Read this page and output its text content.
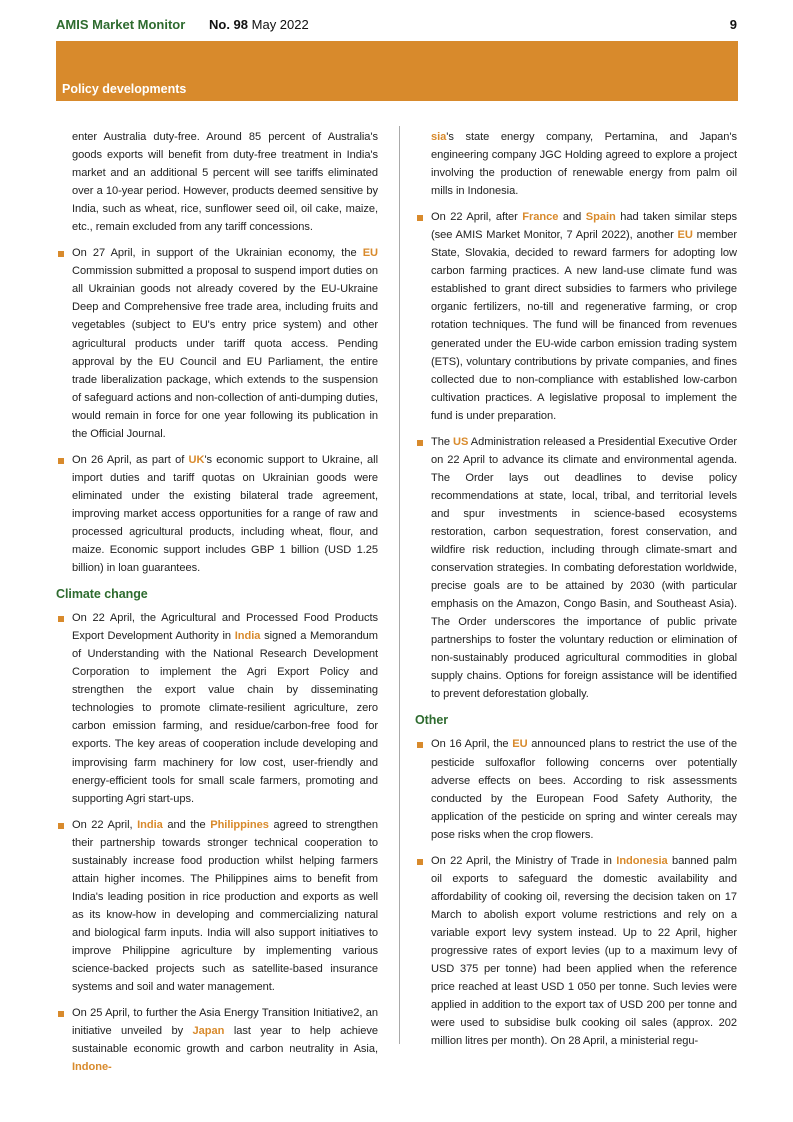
AMIS Market Monitor No. 98 May 2022	9
Policy developments

enter Australia duty-free. Around 85 percent of Australia's goods exports will benefit from duty-free treatment in India's market and an additional 5 percent will see tariffs eliminated over a 10-year period. However, products deemed sensitive by India, such as wheat, rice, sunflower seed oil, oil cake, maize, etc., remain excluded from any tariff concessions.

On 27 April, in support of the Ukrainian economy, the EU Commission submitted a proposal to suspend import duties on all Ukrainian goods not already covered by the EU-Ukraine Deep and Comprehensive free trade area, including fruits and vegetables (subject to EU's entry price system) and other agricultural products under tariff quota access. Pending approval by the EU Council and EU Parliament, the entire trade liberalization package, which extends to the suspension of safeguard actions and non-collection of anti-dumping duties, would remain in force for one year following its publication in the Official Journal.

On 26 April, as part of UK's economic support to Ukraine, all import duties and tariff quotas on Ukrainian goods were eliminated under the existing bilateral trade agreement, improving market access opportunities for a range of raw and processed agricultural products, including wheat, flour, and maize. Economic support includes GBP 1 billion (USD 1.25 billion) in loan guarantees.

Climate change

On 22 April, the Agricultural and Processed Food Products Export Development Authority in India signed a Memorandum of Understanding with the National Research Development Corporation to implement the Agri Export Policy and strengthen the export value chain by disseminating technologies to promote climate-resilient agriculture, zero carbon emission farming, and residue/carbon-free food for exports. The key areas of cooperation include developing and improvising farm machinery for low cost, user-friendly and energy-efficient tools for small scale farmers, promoting and supporting Agri start-ups.

On 22 April, India and the Philippines agreed to strengthen their partnership towards stronger technical cooperation to sustainably increase food production whilst helping farmers attain higher incomes. The Philippines aims to benefit from India's leading position in rice production and exports as well as its know-how in developing and commercializing natural and biological farm inputs. India will also support initiatives to improve Philippine agriculture by implementing various science-backed projects such as satellite-based insurance systems and soil and water management.

On 25 April, to further the Asia Energy Transition Initiative2, an initiative unveiled by Japan last year to help achieve sustainable economic growth and carbon neutrality in Asia, Indone-

sia's state energy company, Pertamina, and Japan's engineering company JGC Holding agreed to explore a project involving the production of renewable energy from palm oil mills in Indonesia.

On 22 April, after France and Spain had taken similar steps (see AMIS Market Monitor, 7 April 2022), another EU member State, Slovakia, decided to reward farmers for adopting low carbon farming practices. A new land-use climate fund was established to grant direct subsidies to farmers who privilege organic fertilizers, no-till and regenerative farming, or crop rotation techniques. The fund will be financed from revenues generated under the EU-wide carbon emission trading system (ETS), voluntary contributions by private companies, and fines collected due to non-compliance with established low-carbon cultivation practices. A legislative proposal to implement the fund is under preparation.

The US Administration released a Presidential Executive Order on 22 April to advance its climate and environmental agenda. The Order lays out deadlines to devise policy recommendations at state, local, tribal, and territorial levels and spur investments in science-based ecosystems restoration, carbon sequestration, forest conservation, and wildfire risk reduction, including through climate-smart and conservation strategies. In combating deforestation worldwide, precise goals are to be attained by 2030 (with particular emphasis on the Amazon, Congo Basin, and Southeast Asia). The Order underscores the importance of public private partnerships to foster the voluntary reduction or elimination of non-sustainably produced agricultural commodities in global supply chains. Options for foreign assistance will be identified to prevent deforestation globally.

Other

On 16 April, the EU announced plans to restrict the use of the pesticide sulfoxaflor following concerns over potentially adverse effects on bees. According to risk assessments conducted by the European Food Safety Authority, the application of the pesticide on spring and winter cereals may pose risks when the crop flowers.

On 22 April, the Ministry of Trade in Indonesia banned palm oil exports to safeguard the domestic availability and affordability of cooking oil, reversing the decision taken on 17 March to abolish export volume restrictions and rely on a variable export levy system instead. Up to 22 April, higher progressive rates of export levies (up to a maximum levy of USD 375 per tonne) had been applied when the reference price reached at least USD 1 050 per tonne. Such levies were applied in addition to the export tax of USD 200 per tonne and were used to subsidise bulk cooking oil sales (approx. 202 million litres per month). On 28 April, a ministerial regu-
